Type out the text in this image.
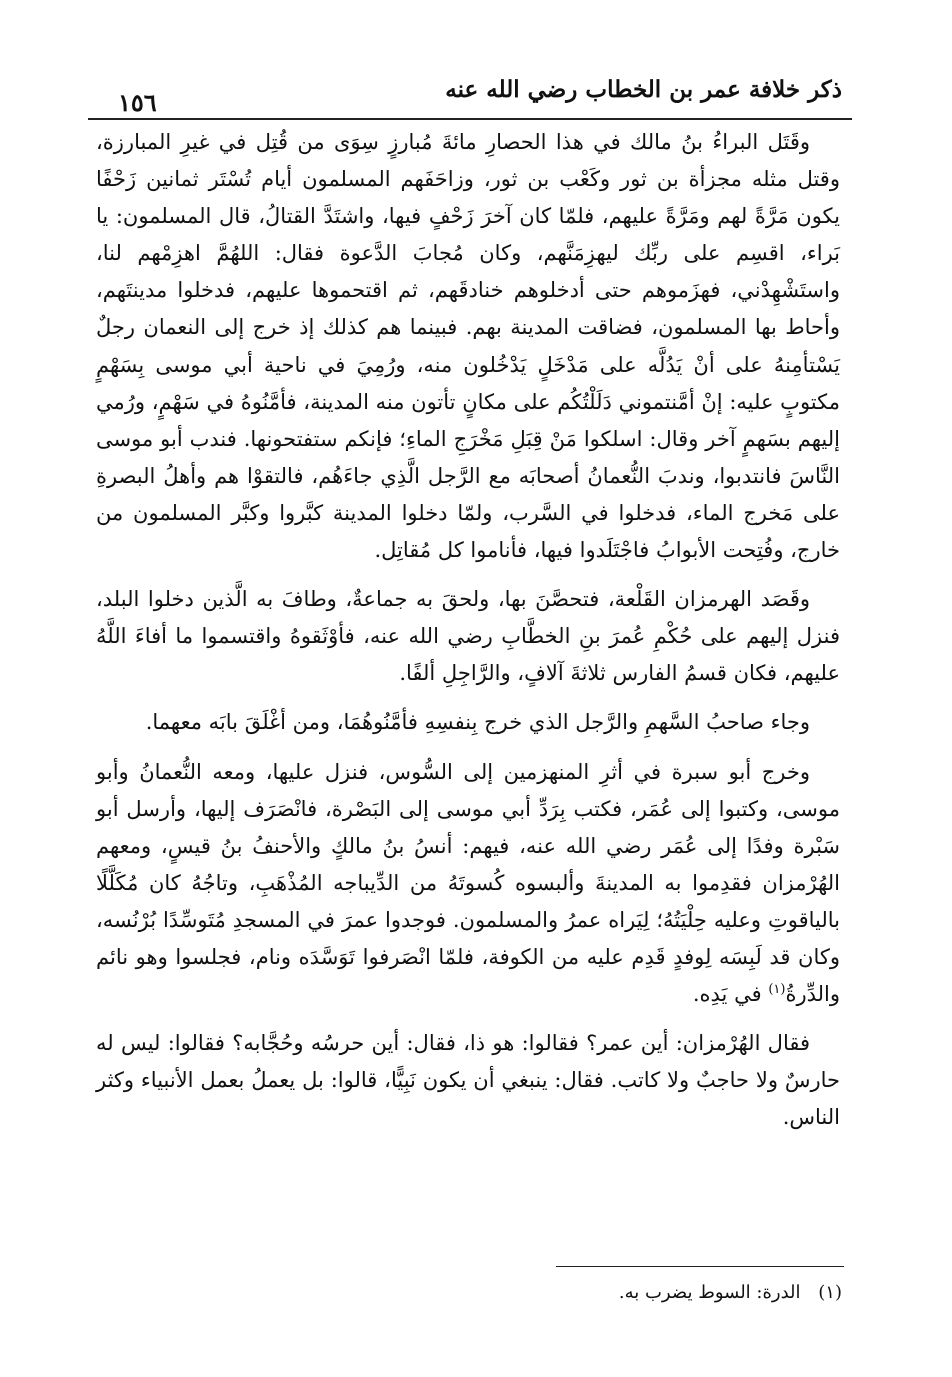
ذكر خلافة عمر بن الخطاب رضي الله عنه
١٥٦

وقَتَل البراءُ بنُ مالك في هذا الحصارِ مائةَ مُبارزٍ سِوَى من قُتِل في غيرِ المبارزة، وقتل مثله مجزأة بن ثور وكَعْب بن ثور، وزاحَفَهم المسلمون أيام تُسْتَر ثمانين زَحْفًا يكون مَرَّةً لهم ومَرَّةً عليهم، فلمّا كان آخرَ زَحْفٍ فيها، واشتَدَّ القتالُ، قال المسلمون: يا بَراء، اقسِم على ربِّك ليهزِمَنَّهم، وكان مُجابَ الدَّعوة فقال: اللهُمَّ اهزِمْهم لنا، واستَشْهِدْني، فهزَموهم حتى أدخلوهم خنادقَهم، ثم اقتحموها عليهم، فدخلوا مدينتَهم، وأحاط بها المسلمون، فضاقت المدينة بهم. فبينما هم كذلك إذ خرج إلى النعمان رجلٌ يَسْتأمِنهُ على أنْ يَدُلَّه على مَدْخَلٍ يَدْخُلون منه، ورُمِيَ في ناحية أبي موسى بِسَهْمٍ مكتوبٍ عليه: إنْ أمَّنتموني دَلَلْتُكُم على مكانٍ تأتون منه المدينة، فأمَّنُوهُ في سَهْمٍ، ورُمي إليهم بسَهمٍ آخر وقال: اسلكوا مَنْ قِبَلِ مَخْرَجِ الماءِ؛ فإنكم ستفتحونها. فندب أبو موسى النَّاسَ فانتدبوا، وندبَ النُّعمانُ أصحابَه مع الرَّجل الَّذِي جاءَهُم، فالتقوْا هم وأهلُ البصرةِ على مَخرج الماء، فدخلوا في السَّرب، ولمّا دخلوا المدينة كبَّروا وكبَّر المسلمون من خارج، وفُتِحت الأبوابُ فاجْتَلَدوا فيها، فأناموا كل مُقاتِل.

وقَصَد الهرمزان القَلْعة، فتحصَّنَ بها، ولحقَ به جماعةٌ، وطافَ به الَّذين دخلوا البلد، فنزل إليهم على حُكْمِ عُمرَ بنِ الخطَّابِ رضي الله عنه، فأوْثَقوهُ واقتسموا ما أفاءَ اللَّهُ عليهم، فكان قسمُ الفارس ثلاثةَ آلافٍ، والرَّاجِلِ ألفًا.

وجاء صاحبُ السَّهمِ والرَّجل الذي خرج بِنفسِهِ فأمَّنُوهُمَا، ومن أغْلَقَ بابَه معهما.

وخرج أبو سبرة في أثرِ المنهزمين إلى السُّوس، فنزل عليها، ومعه النُّعمانُ وأبو موسى، وكتبوا إلى عُمَر، فكتب بِرَدِّ أبي موسى إلى البَصْرة، فانْصَرَف إليها، وأرسل أبو سَبْرة وفدًا إلى عُمَر رضي الله عنه، فيهم: أنسُ بنُ مالكٍ والأحنفُ بنُ قيسٍ، ومعهم الهُرْمزان فقدِموا به المدينةَ وألبسوه كُسوتَهُ من الدِّيباجه المُذْهَبِ، وتاجُهُ كان مُكَلَّلًا بالياقوتِ وعليه حِلْيَتُهُ؛ لِيَراه عمرُ والمسلمون. فوجدوا عمرَ في المسجدِ مُتَوسِّدًا بُرْنُسه، وكان قد لَبِسَه لِوفدٍ قَدِم عليه من الكوفة، فلمّا انْصَرفوا تَوَسَّدَه ونام، فجلسوا وهو نائم والدِّرةُ$^{(١)}$ في يَدِه.

فقال الهُرْمزان: أين عمر؟ فقالوا: هو ذا، فقال: أين حرسُه وحُجَّابه؟ فقالوا: ليس له حارسٌ ولا حاجبٌ ولا كاتب. فقال: ينبغي أن يكون نَبِيًّا، قالوا: بل يعملُ بعمل الأنبياء وكثر الناس.

(١) الدرة: السوط يضرب به.
